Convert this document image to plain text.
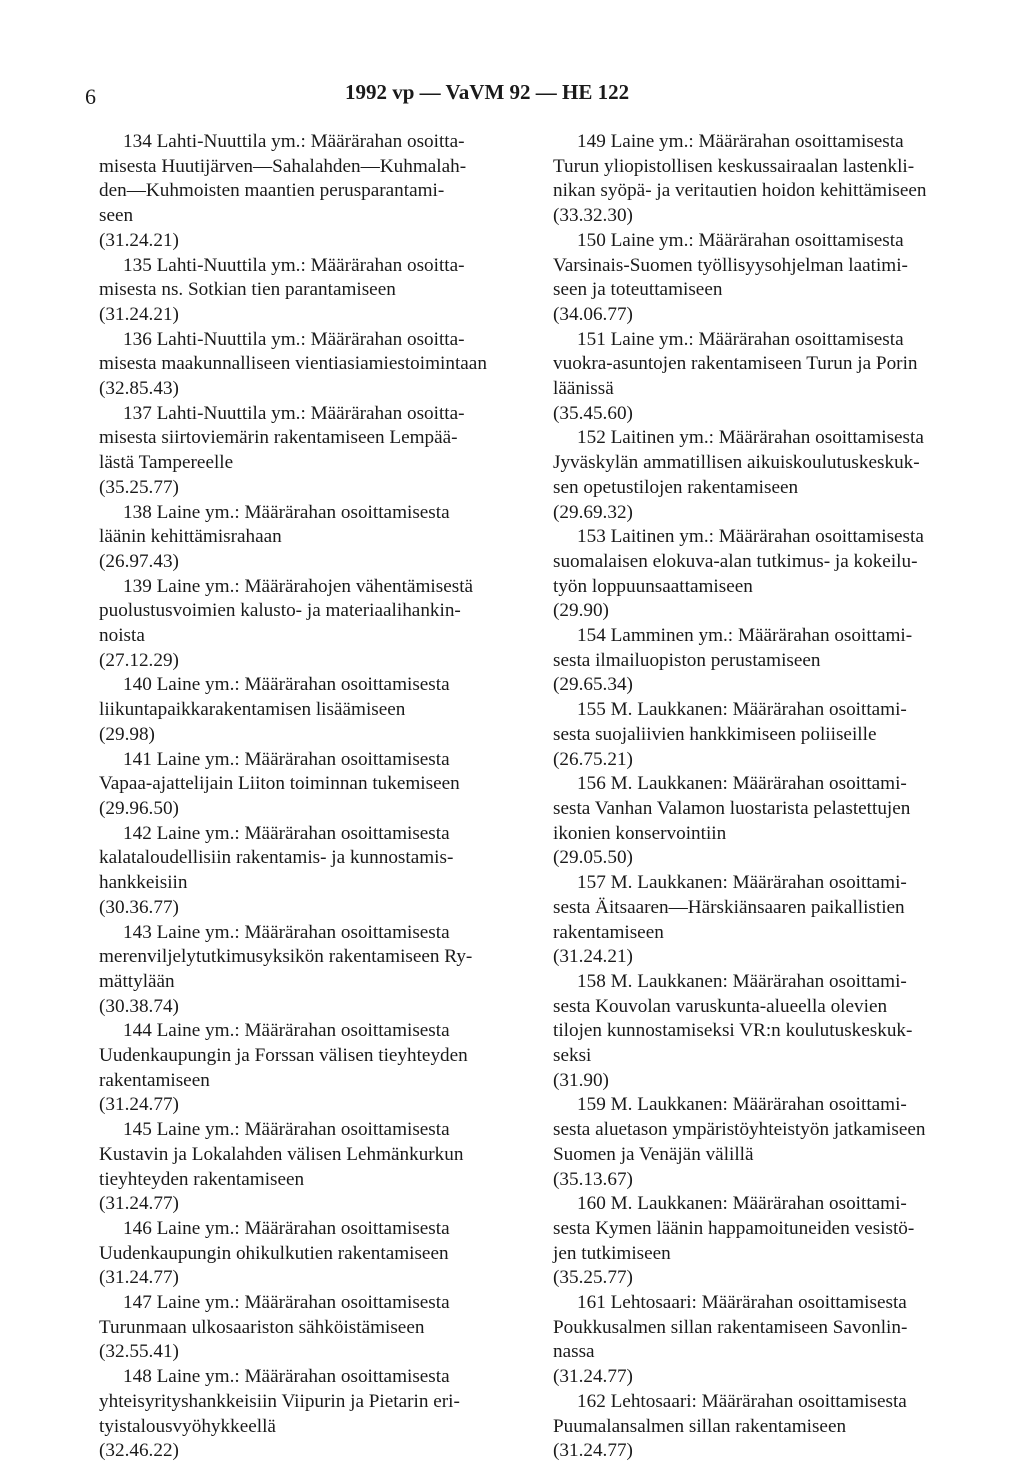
6	1992 vp — VaVM 92 — HE 122
134 Lahti-Nuuttila ym.: Määrärahan osoitta-
misesta Huutijärven—Sahalahden—Kuhmalah-
den—Kuhmoisten maantien perusparantami-
seen
(31.24.21)
135 Lahti-Nuuttila ym.: Määrärahan osoitta-
misesta ns. Sotkian tien parantamiseen
(31.24.21)
136 Lahti-Nuuttila ym.: Määrärahan osoitta-
misesta maakunnalliseen vientiasiamiestoimintaan
(32.85.43)
137 Lahti-Nuuttila ym.: Määrärahan osoitta-
misesta siirtoviemärin rakentamiseen Lempää-
lästä Tampereelle
(35.25.77)
138 Laine ym.: Määrärahan osoittamisesta
läänin kehittämisrahaan
(26.97.43)
139 Laine ym.: Määrärahojen vähentämisestä
puolustusvoimien kalusto- ja materiaalihankin-
noista
(27.12.29)
140 Laine ym.: Määrärahan osoittamisesta
liikuntapaikkarakentamisen lisäämiseen
(29.98)
141 Laine ym.: Määrärahan osoittamisesta
Vapaa-ajattelijain Liiton toiminnan tukemiseen
(29.96.50)
142 Laine ym.: Määrärahan osoittamisesta
kalataloudellisiin rakentamis- ja kunnostamis-
hankkeisiin
(30.36.77)
143 Laine ym.: Määrärahan osoittamisesta
merenviljelytutkimusyksikön rakentamiseen Ry-
mättylään
(30.38.74)
144 Laine ym.: Määrärahan osoittamisesta
Uudenkaupungin ja Forssan välisen tieyhteyden
rakentamiseen
(31.24.77)
145 Laine ym.: Määrärahan osoittamisesta
Kustavin ja Lokalahden välisen Lehmänkurkun
tieyhteyden rakentamiseen
(31.24.77)
146 Laine ym.: Määrärahan osoittamisesta
Uudenkaupungin ohikulkutien rakentamiseen
(31.24.77)
147 Laine ym.: Määrärahan osoittamisesta
Turunmaan ulkosaariston sähköistämiseen
(32.55.41)
148 Laine ym.: Määrärahan osoittamisesta
yhteisyrityshankkeisiin Viipurin ja Pietarin eri-
tyistalousvyöhykkeellä
(32.46.22)
149 Laine ym.: Määrärahan osoittamisesta
Turun yliopistollisen keskussairaalan lastenkli-
nikan syöpä- ja veritautien hoidon kehittämiseen
(33.32.30)
150 Laine ym.: Määrärahan osoittamisesta
Varsinais-Suomen työllisyysohjelman laatimi-
seen ja toteuttamiseen
(34.06.77)
151 Laine ym.: Määrärahan osoittamisesta
vuokra-asuntojen rakentamiseen Turun ja Porin
läänissä
(35.45.60)
152 Laitinen ym.: Määrärahan osoittamisesta
Jyväskylän ammatillisen aikuiskoulutuskeskuk-
sen opetustilojen rakentamiseen
(29.69.32)
153 Laitinen ym.: Määrärahan osoittamisesta
suomalaisen elokuva-alan tutkimus- ja kokeilu-
työn loppuunsaattamiseen
(29.90)
154 Lamminen ym.: Määrärahan osoittami-
sesta ilmailuopiston perustamiseen
(29.65.34)
155 M. Laukkanen: Määrärahan osoittami-
sesta suojaliivien hankkimiseen poliiseille
(26.75.21)
156 M. Laukkanen: Määrärahan osoittami-
sesta Vanhan Valamon luostarista pelastettujen
ikonien konservointiin
(29.05.50)
157 M. Laukkanen: Määrärahan osoittami-
sesta Äitsaaren—Härskiänsaaren paikallistien
rakentamiseen
(31.24.21)
158 M. Laukkanen: Määrärahan osoittami-
sesta Kouvolan varuskunta-alueella olevien
tilojen kunnostamiseksi VR:n koulutuskeskuk-
seksi
(31.90)
159 M. Laukkanen: Määrärahan osoittami-
sesta aluetason ympäristöyhteistyön jatkamiseen
Suomen ja Venäjän välillä
(35.13.67)
160 M. Laukkanen: Määrärahan osoittami-
sesta Kymen läänin happamoituneiden vesistö-
jen tutkimiseen
(35.25.77)
161 Lehtosaari: Määrärahan osoittamisesta
Poukkusalmen sillan rakentamiseen Savonlin-
nassa
(31.24.77)
162 Lehtosaari: Määrärahan osoittamisesta
Puumalansalmen sillan rakentamiseen
(31.24.77)
